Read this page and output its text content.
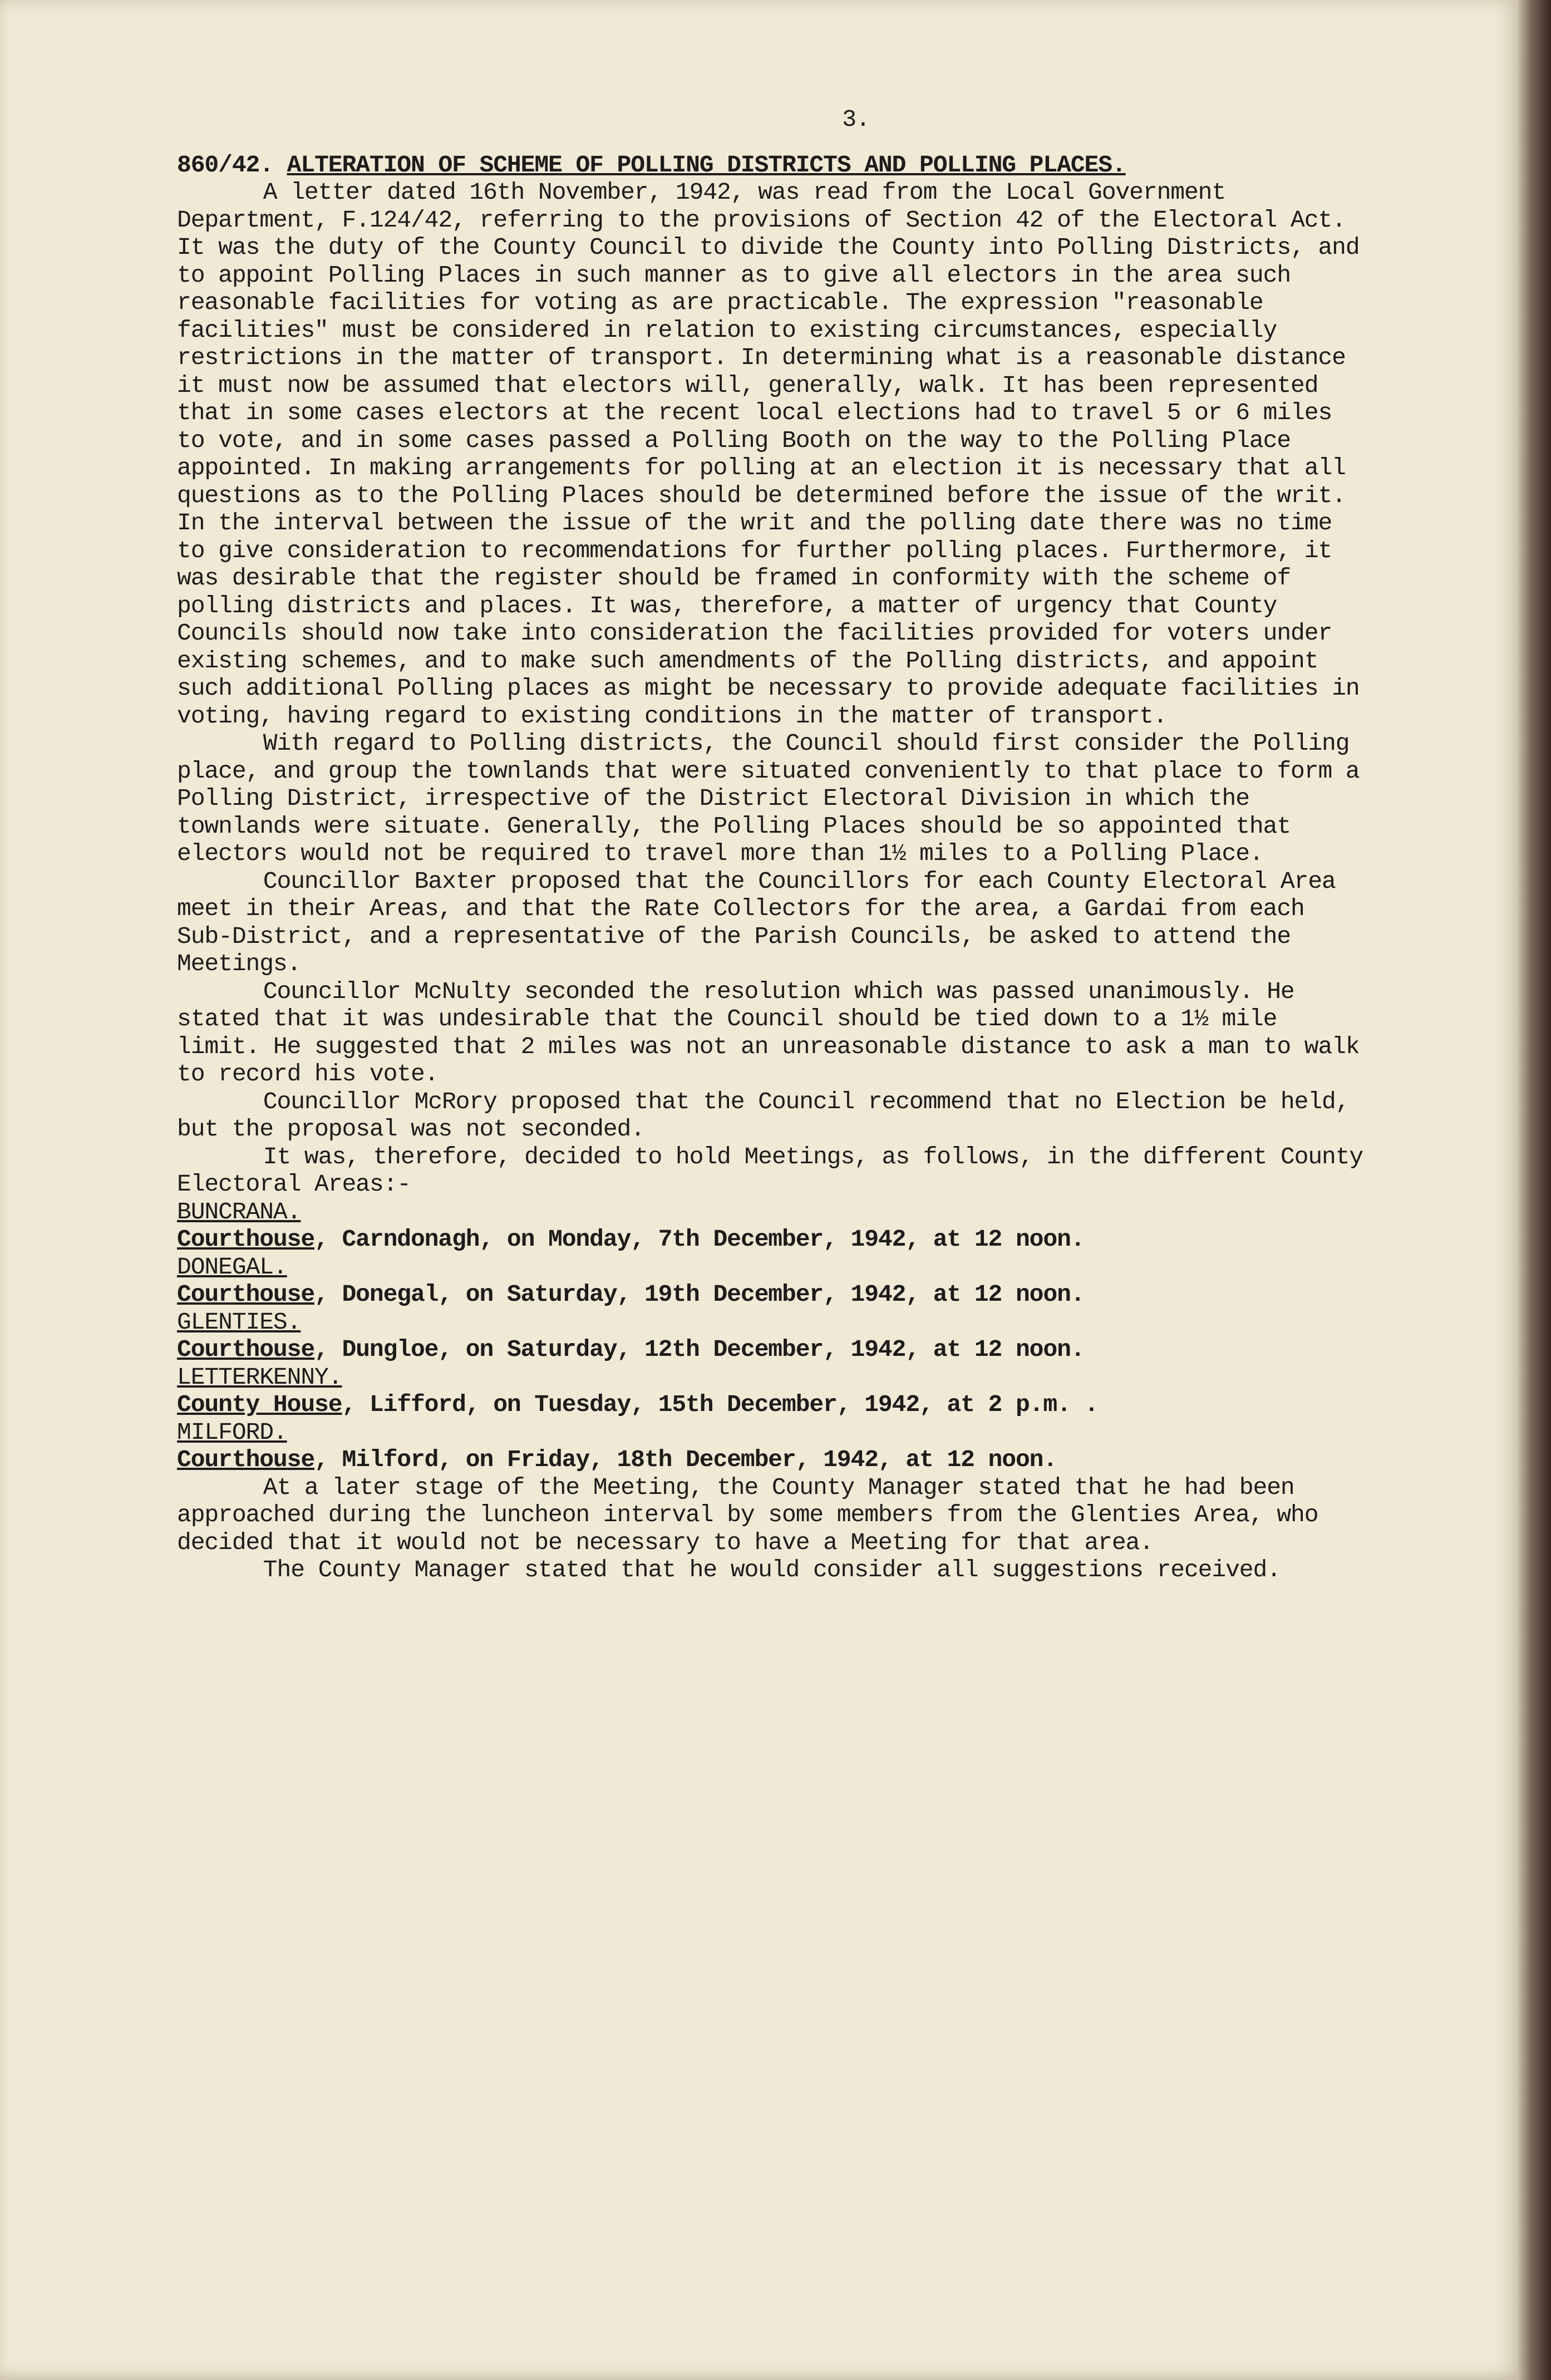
3.
860/42. ALTERATION OF SCHEME OF POLLING DISTRICTS AND POLLING PLACES.

A letter dated 16th November, 1942, was read from the Local Government Department, F.124/42, referring to the provisions of Section 42 of the Electoral Act. It was the duty of the County Council to divide the County into Polling Districts, and to appoint Polling Places in such manner as to give all electors in the area such reasonable facilities for voting as are practicable. The expression "reasonable facilities" must be considered in relation to existing circumstances, especially restrictions in the matter of transport. In determining what is a reasonable distance it must now be assumed that electors will, generally, walk. It has been represented that in some cases electors at the recent local elections had to travel 5 or 6 miles to vote, and in some cases passed a Polling Booth on the way to the Polling Place appointed. In making arrangements for polling at an election it is necessary that all questions as to the Polling Places should be determined before the issue of the writ. In the interval between the issue of the writ and the polling date there was no time to give consideration to recommendations for further polling places. Furthermore, it was desirable that the register should be framed in conformity with the scheme of polling districts and places. It was, therefore, a matter of urgency that County Councils should now take into consideration the facilities provided for voters under existing schemes, and to make such amendments of the Polling districts, and appoint such additional Polling places as might be necessary to provide adequate facilities in voting, having regard to existing conditions in the matter of transport.

With regard to Polling districts, the Council should first consider the Polling place, and group the townlands that were situated conveniently to that place to form a Polling District, irrespective of the District Electoral Division in which the townlands were situate. Generally, the Polling Places should be so appointed that electors would not be required to travel more than 1½ miles to a Polling Place.

Councillor Baxter proposed that the Councillors for each County Electoral Area meet in their Areas, and that the Rate Collectors for the area, a Gardai from each Sub-District, and a representative of the Parish Councils, be asked to attend the Meetings.

Councillor McNulty seconded the resolution which was passed unanimously. He stated that it was undesirable that the Council should be tied down to a 1½ mile limit. He suggested that 2 miles was not an unreasonable distance to ask a man to walk to record his vote.

Councillor McRory proposed that the Council recommend that no Election be held, but the proposal was not seconded.

It was, therefore, decided to hold Meetings, as follows, in the different County Electoral Areas:-

BUNCRANA.

Courthouse, Carndonagh, on Monday, 7th December, 1942, at 12 noon.

DONEGAL.

Courthouse, Donegal, on Saturday, 19th December, 1942, at 12 noon.

GLENTIES.

Courthouse, Dungloe, on Saturday, 12th December, 1942, at 12 noon.

LETTERKENNY.

County House, Lifford, on Tuesday, 15th December, 1942, at 2 p.m. .

MILFORD.

Courthouse, Milford, on Friday, 18th December, 1942, at 12 noon.

At a later stage of the Meeting, the County Manager stated that he had been approached during the luncheon interval by some members from the Glenties Area, who decided that it would not be necessary to have a Meeting for that area.

The County Manager stated that he would consider all suggestions received.
